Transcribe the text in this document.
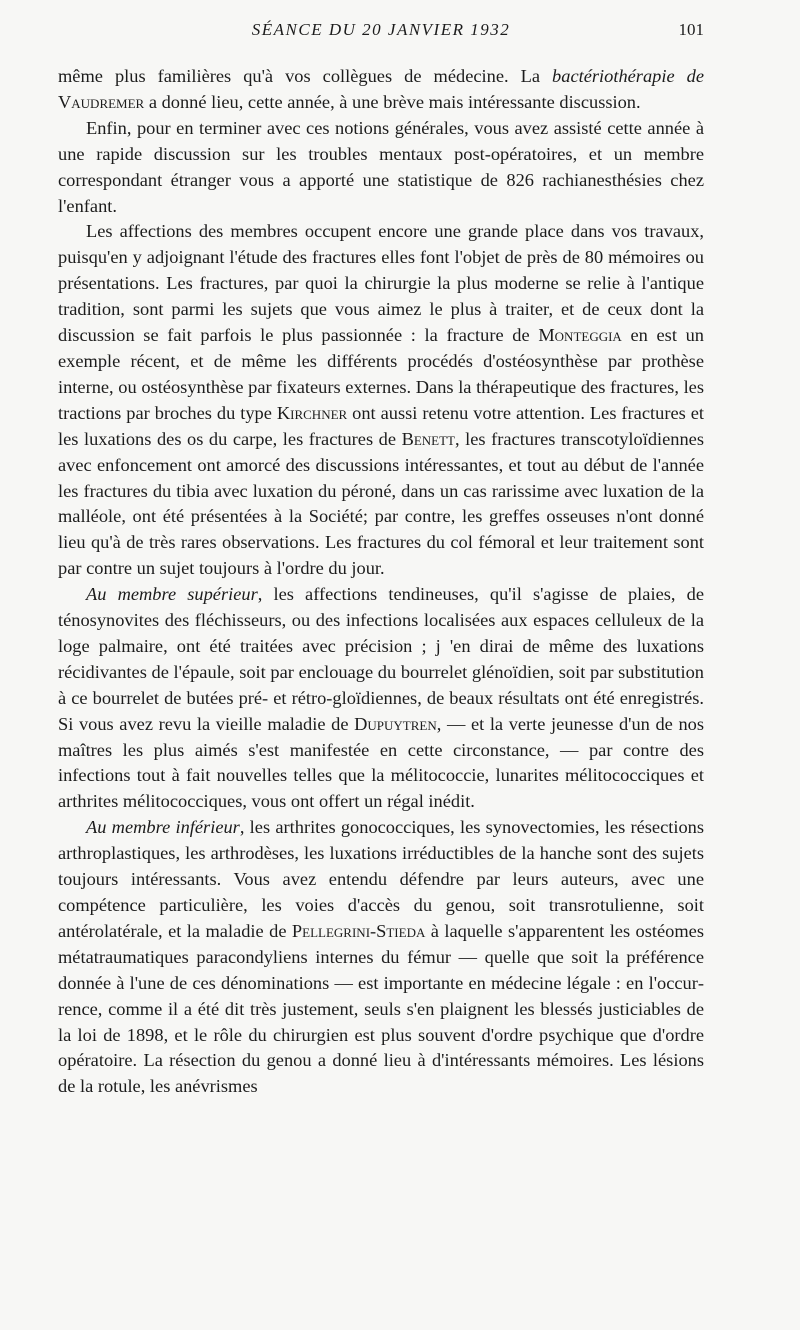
SÉANCE DU 20 JANVIER 1932	101

même plus familières qu'à vos collègues de médecine. La bactériothérapie de Vaudremer a donné lieu, cette année, à une brève mais intéressante discussion.

Enfin, pour en terminer avec ces notions générales, vous avez assisté cette année à une rapide discussion sur les troubles mentaux post-opératoires, et un membre correspondant étranger vous a apporté une statistique de 826 rachianesthésies chez l'enfant.

Les affections des membres occupent encore une grande place dans vos travaux, puisqu'en y adjoignant l'étude des fractures elles font l'objet de près de 80 mémoires ou présentations. Les fractures, par quoi la chirurgie la plus moderne se relie à l'antique tradition, sont parmi les sujets que vous aimez le plus à traiter, et de ceux dont la discussion se fait parfois le plus passionnée : la fracture de Monteggia en est un exemple récent, et de même les différents procédés d'ostéosynthèse par prothèse interne, ou ostéosynthèse par fixateurs externes. Dans la thérapeutique des fractures, les tractions par broches du type Kirchner ont aussi retenu votre attention. Les fractures et les luxations des os du carpe, les fractures de Benett, les fractures transcotyloïdiennes avec enfoncement ont amorcé des discussions intéressantes, et tout au début de l'année les fractures du tibia avec luxation du péroné, dans un cas rarissime avec luxation de la malléole, ont été présentées à la Société; par contre, les greffes osseuses n'ont donné lieu qu'à de très rares observations. Les fractures du col fémoral et leur traitement sont par contre un sujet toujours à l'ordre du jour.

Au membre supérieur, les affections tendineuses, qu'il s'agisse de plaies, de ténosynovites des fléchisseurs, ou des infections localisées aux espaces celluleux de la loge palmaire, ont été traitées avec précision ; j 'en dirai de même des luxations récidivantes de l'épaule, soit par enclouage du bourrelet glénoïdien, soit par substitution à ce bourrelet de butées pré- et rétro-gloïdiennes, de beaux résultats ont été enregistrés. Si vous avez revu la vieille maladie de Dupuytren, — et la verte jeunesse d'un de nos maîtres les plus aimés s'est manifestée en cette circonstance, — par contre des infections tout à fait nouvelles telles que la mélitococcie, lunarites mélitococciques et arthrites mélitococciques, vous ont offert un régal inédit.

Au membre inférieur, les arthrites gonococciques, les synovectomies, les résections arthroplastiques, les arthrodèses, les luxations irréductibles de la hanche sont des sujets toujours intéressants. Vous avez entendu défendre par leurs auteurs, avec une compétence particulière, les voies d'accès du genou, soit transrotulienne, soit antérolatérale, et la maladie de Pellegrini-Stieda à laquelle s'apparentent les ostéomes métatraumatiques paracondyliens internes du fémur — quelle que soit la préférence donnée à l'une de ces dénominations — est importante en médecine légale : en l'occurrence, comme il a été dit très justement, seuls s'en plaignent les blessés justiciables de la loi de 1898, et le rôle du chirurgien est plus souvent d'ordre psychique que d'ordre opératoire. La résection du genou a donné lieu à d'intéressants mémoires. Les lésions de la rotule, les anévrismes
